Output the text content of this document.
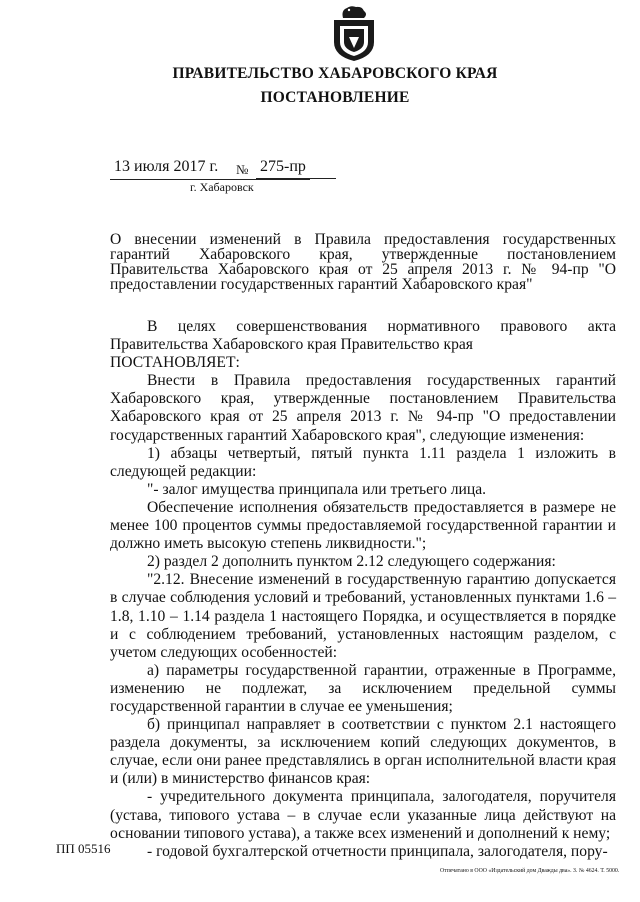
ПРАВИТЕЛЬСТВО ХАБАРОВСКОГО КРАЯ
ПОСТАНОВЛЕНИЕ
13 июля 2017 г. № 275-пр
г. Хабаровск
О внесении изменений в Правила предоставления государственных гарантий Хабаровского края, утвержденные постановлением Правительства Хабаровского края от 25 апреля 2013 г. № 94-пр "О предоставлении государственных гарантий Хабаровского края"

В целях совершенствования нормативного правового акта Правительства Хабаровского края Правительство края

ПОСТАНОВЛЯЕТ:

Внести в Правила предоставления государственных гарантий Хабаровского края, утвержденные постановлением Правительства Хабаровского края от 25 апреля 2013 г. № 94-пр "О предоставлении государственных гарантий Хабаровского края", следующие изменения:

1) абзацы четвертый, пятый пункта 1.11 раздела 1 изложить в следующей редакции:

"- залог имущества принципала или третьего лица.

Обеспечение исполнения обязательств предоставляется в размере не менее 100 процентов суммы предоставляемой государственной гарантии и должно иметь высокую степень ликвидности.";

2) раздел 2 дополнить пунктом 2.12 следующего содержания:

"2.12. Внесение изменений в государственную гарантию допускается в случае соблюдения условий и требований, установленных пунктами 1.6 – 1.8, 1.10 – 1.14 раздела 1 настоящего Порядка, и осуществляется в порядке и с соблюдением требований, установленных настоящим разделом, с учетом следующих особенностей:

а) параметры государственной гарантии, отраженные в Программе, изменению не подлежат, за исключением предельной суммы государственной гарантии в случае ее уменьшения;

б) принципал направляет в соответствии с пунктом 2.1 настоящего раздела документы, за исключением копий следующих документов, в случае, если они ранее представлялись в орган исполнительной власти края и (или) в министерство финансов края:

- учредительного документа принципала, залогодателя, поручителя (устава, типового устава – в случае если указанные лица действуют на основании типового устава), а также всех изменений и дополнений к нему;

- годовой бухгалтерской отчетности принципала, залогодателя, пору-

ПП 05516
Отпечатано в ООО «Издательский дом Дважды два». З. № 4624. Т. 5000.
